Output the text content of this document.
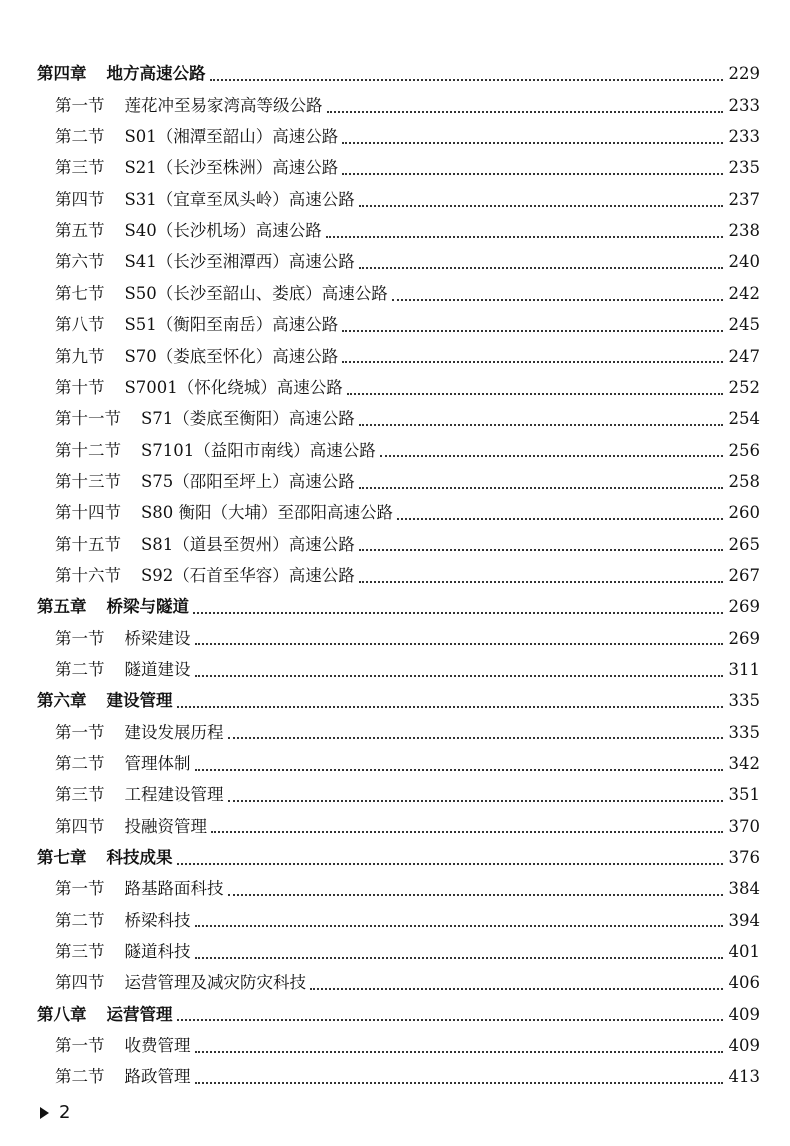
第四章 地方高速公路	229
第一节 莲花冲至易家湾高等级公路	233
第二节 S01（湘潭至韶山）高速公路	233
第三节 S21（长沙至株洲）高速公路	235
第四节 S31（宜章至凤头岭）高速公路	237
第五节 S40（长沙机场）高速公路	238
第六节 S41（长沙至湘潭西）高速公路	240
第七节 S50（长沙至韶山、娄底）高速公路	242
第八节 S51（衡阳至南岳）高速公路	245
第九节 S70（娄底至怀化）高速公路	247
第十节 S7001（怀化绕城）高速公路	252
第十一节 S71（娄底至衡阳）高速公路	254
第十二节 S7101（益阳市南线）高速公路	256
第十三节 S75（邵阳至坪上）高速公路	258
第十四节 S80 衡阳（大埔）至邵阳高速公路	260
第十五节 S81（道县至贺州）高速公路	265
第十六节 S92（石首至华容）高速公路	267
第五章 桥梁与隧道	269
第一节 桥梁建设	269
第二节 隧道建设	311
第六章 建设管理	335
第一节 建设发展历程	335
第二节 管理体制	342
第三节 工程建设管理	351
第四节 投融资管理	370
第七章 科技成果	376
第一节 路基路面科技	384
第二节 桥梁科技	394
第三节 隧道科技	401
第四节 运营管理及减灾防灾科技	406
第八章 运营管理	409
第一节 收费管理	409
第二节 路政管理	413
2
